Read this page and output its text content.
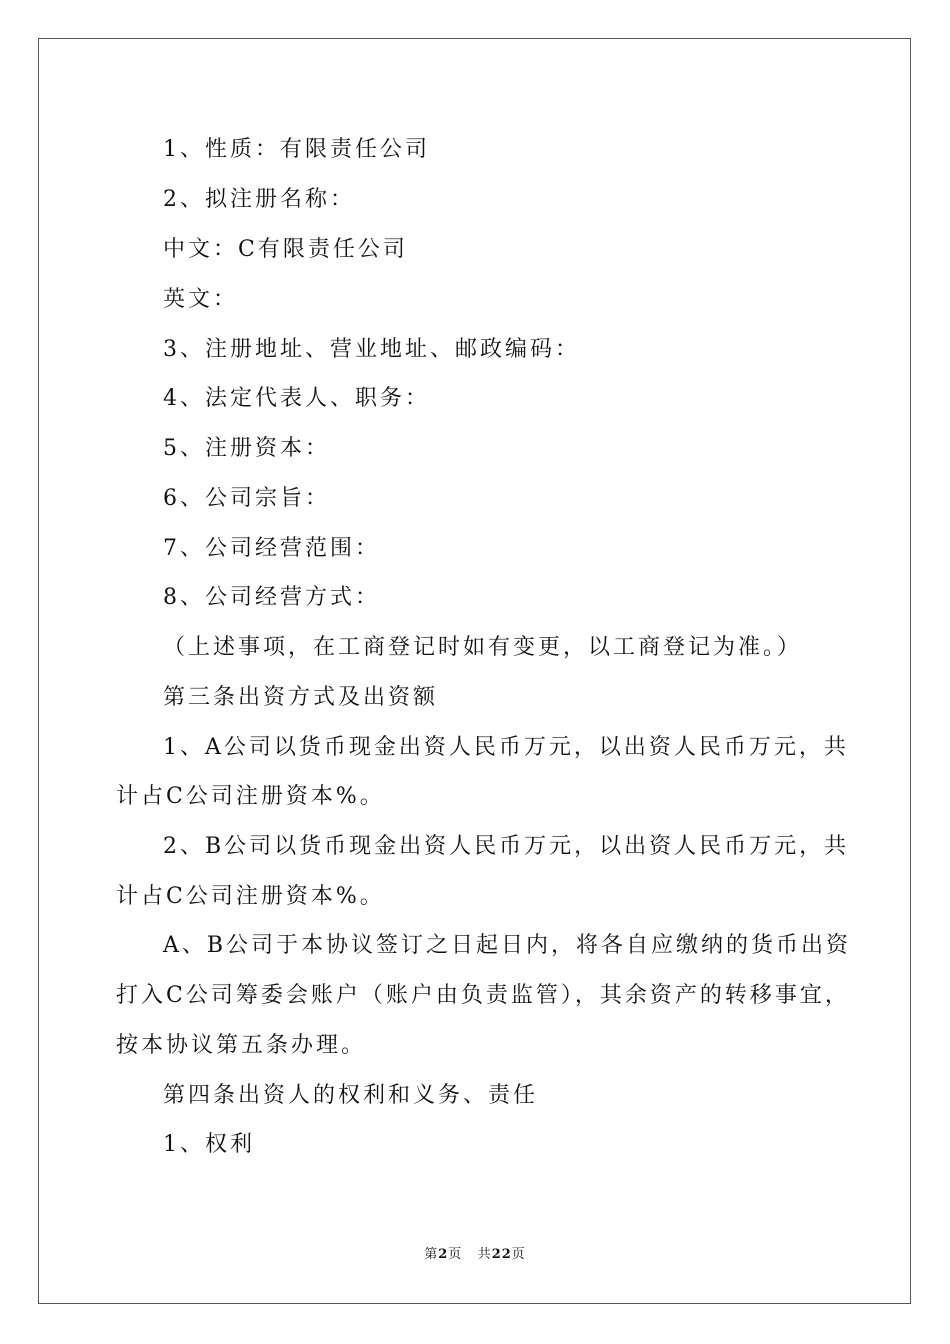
1、性质：有限责任公司
2、拟注册名称：
中文：C有限责任公司
英文：
3、注册地址、营业地址、邮政编码：
4、法定代表人、职务：
5、注册资本：
6、公司宗旨：
7、公司经营范围：
8、公司经营方式：
（上述事项，在工商登记时如有变更，以工商登记为准。）
第三条出资方式及出资额
1、A公司以货币现金出资人民币万元，以出资人民币万元，共
计占C公司注册资本%。
2、B公司以货币现金出资人民币万元，以出资人民币万元，共
计占C公司注册资本%。
A、B公司于本协议签订之日起日内，将各自应缴纳的货币出资
打入C公司筹委会账户（账户由负责监管），其余资产的转移事宜，
按本协议第五条办理。
第四条出资人的权利和义务、责任
1、权利
第2页 共22页
